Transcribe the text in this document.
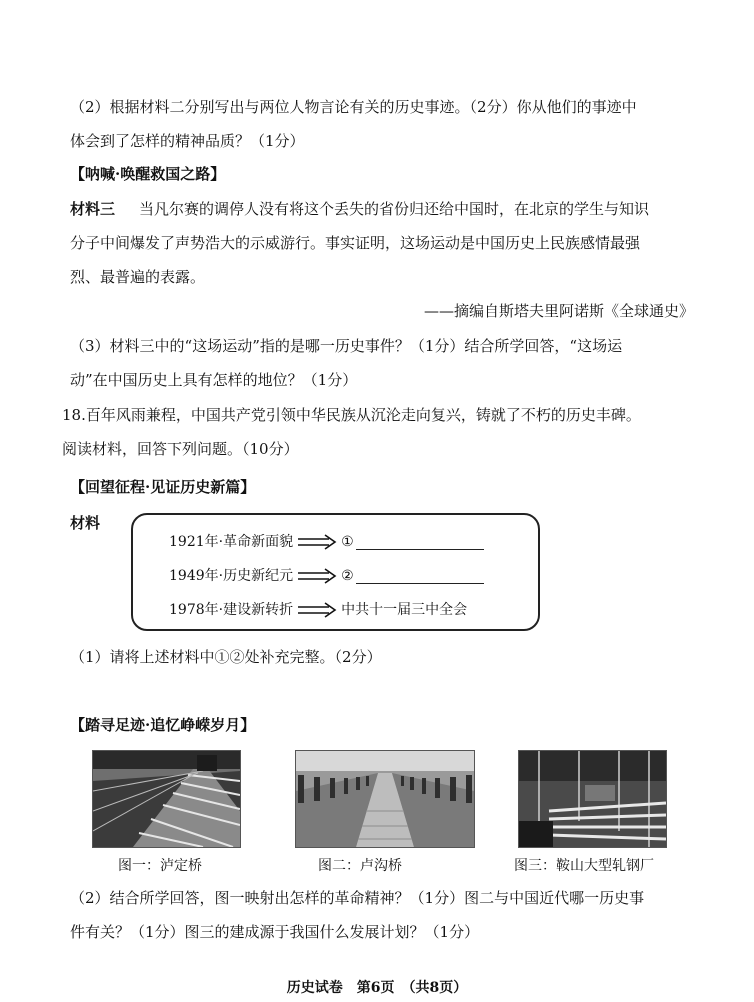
（2）根据材料二分别写出与两位人物言论有关的历史事迹。（2分）你从他们的事迹中
体会到了怎样的精神品质？（1分）
【呐喊·唤醒救国之路】
材料三 当凡尔赛的调停人没有将这个丢失的省份归还给中国时，在北京的学生与知识
分子中间爆发了声势浩大的示威游行。事实证明，这场运动是中国历史上民族感情最强
烈、最普遍的表露。
——摘编自斯塔夫里阿诺斯《全球通史》
（3）材料三中的“这场运动”指的是哪一历史事件？（1分）结合所学回答，“这场运
动”在中国历史上具有怎样的地位？（1分）
18.百年风雨兼程，中国共产党引领中华民族从沉沦走向复兴，铸就了不朽的历史丰碑。
阅读材料，回答下列问题。（10分）
【回望征程·见证历史新篇】
材料
1921年·革命新面貌	①
1949年·历史新纪元	②
1978年·建设新转折	中共十一届三中全会
（1）请将上述材料中①②处补充完整。（2分）
【踏寻足迹·追忆峥嵘岁月】
图一：泸定桥	图二：卢沟桥	图三：鞍山大型轧钢厂
（2）结合所学回答，图一映射出怎样的革命精神？（1分）图二与中国近代哪一历史事
件有关？（1分）图三的建成源于我国什么发展计划？（1分）
历史试卷　第6页　（共8页）
